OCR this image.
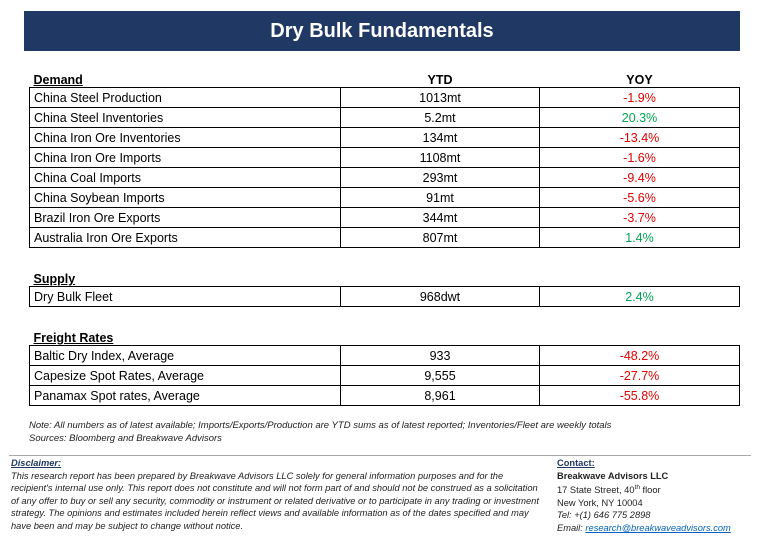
Dry Bulk Fundamentals
Demand	YTD	YOY
China Steel Production	1013mt	-1.9%
China Steel Inventories	5.2mt	20.3%
China Iron Ore Inventories	134mt	-13.4%
China Iron Ore Imports	1108mt	-1.6%
China Coal Imports	293mt	-9.4%
China Soybean Imports	91mt	-5.6%
Brazil Iron Ore Exports	344mt	-3.7%
Australia Iron Ore Exports	807mt	1.4%
Supply		
Dry Bulk Fleet	968dwt	2.4%
Freight Rates		
Baltic Dry Index, Average	933	-48.2%
Capesize Spot Rates, Average	9,555	-27.7%
Panamax Spot rates, Average	8,961	-55.8%
Note: All numbers as of latest available; Imports/Exports/Production are YTD sums as of latest reported; Inventories/Fleet are weekly totals
Sources: Bloomberg and Breakwave Advisors
Disclaimer:
This research report has been prepared by Breakwave Advisors LLC solely for general information purposes and for the recipient's internal use only. This report does not constitute and will not form part of and should not be construed as a solicitation of any offer to buy or sell any security, commodity or instrument or related derivative or to participate in any trading or investment strategy. The opinions and estimates included herein reflect views and available information as of the dates specified and may have been and may be subject to change without notice.
Contact:
Breakwave Advisors LLC
17 State Street, 40th floor
New York, NY 10004
Tel: +(1) 646 775 2898
Email: research@breakwaveadvisors.com
